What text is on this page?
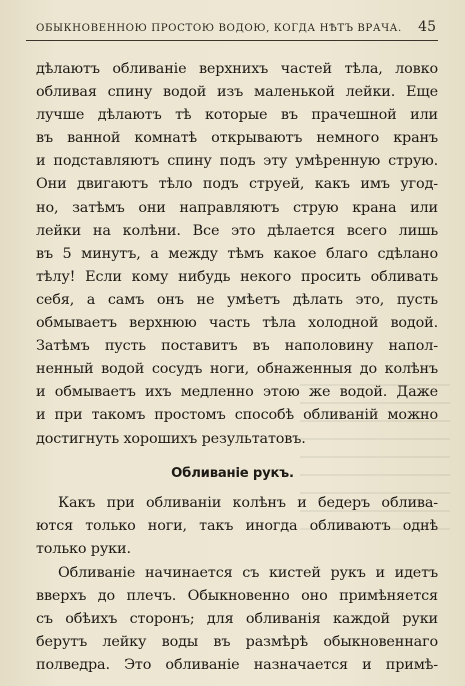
ОБЫКНОВЕННОЮ ПРОСТОЮ ВОДОЮ, КОГДА НѢТЪ ВРАЧА. 45
дѣлаютъ обливаніе верхнихъ частей тѣла, ловко
обливая спину водой изъ маленькой лейки. Еще
лучше дѣлаютъ тѣ которые въ прачешной или
въ ванной комнатѣ открываютъ немного кранъ
и подставляютъ спину подъ эту умѣренную струю.
Они двигаютъ тѣло подъ струей, какъ имъ угод-
но, затѣмъ они направляютъ струю крана или
лейки на колѣни. Все это дѣлается всего лишь
въ 5 минутъ, а между тѣмъ какое благо сдѣлано
тѣлу! Если кому нибудь некого просить обливать
себя, а самъ онъ не умѣетъ дѣлать это, пусть
обмываетъ верхнюю часть тѣла холодной водой.
Затѣмъ пусть поставитъ въ наполовину напол-
ненный водой сосудъ ноги, обнаженныя до колѣнъ
и обмываетъ ихъ медленно этою же водой. Даже
и при такомъ простомъ способѣ обливаній можно
достигнуть хорошихъ результатовъ.
Обливаніе рукъ.
Какъ при обливаніи колѣнъ и бедеръ облива-
ются только ноги, такъ иногда обливаютъ однѣ
только руки.
Обливаніе начинается съ кистей рукъ и идетъ
вверхъ до плечъ. Обыкновенно оно примѣняется
съ обѣихъ сторонъ; для обливанія каждой руки
берутъ лейку воды въ размѣрѣ обыкновеннаго
полведра. Это обливаніе назначается и примѣ-
